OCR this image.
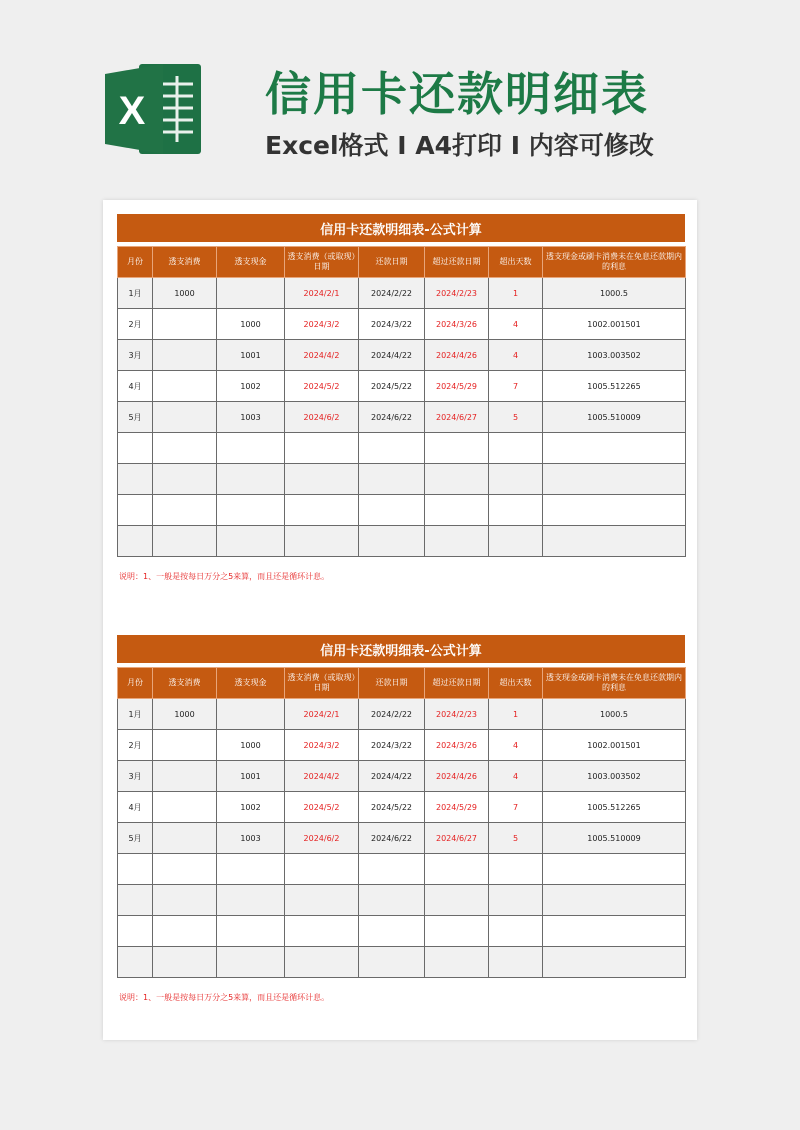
X	信用卡还款明细表
Excel格式 I A4打印 I 内容可修改
信用卡还款明细表-公式计算
月份	透支消费	透支现金	透支消费（或取现）日期	还款日期	超过还款日期	超出天数	透支现金或刷卡消费未在免息还款期内的利息
1月	1000		2024/2/1	2024/2/22	2024/2/23	1	1000.5
2月		1000	2024/3/2	2024/3/22	2024/3/26	4	1002.001501
3月		1001	2024/4/2	2024/4/22	2024/4/26	4	1003.003502
4月		1002	2024/5/2	2024/5/22	2024/5/29	7	1005.512265
5月		1003	2024/6/2	2024/6/22	2024/6/27	5	1005.510009

说明：1、一般是按每日万分之5来算，而且还是循环计息。
信用卡还款明细表-公式计算
月份	透支消费	透支现金	透支消费（或取现）日期	还款日期	超过还款日期	超出天数	透支现金或刷卡消费未在免息还款期内的利息
1月	1000		2024/2/1	2024/2/22	2024/2/23	1	1000.5
2月		1000	2024/3/2	2024/3/22	2024/3/26	4	1002.001501
3月		1001	2024/4/2	2024/4/22	2024/4/26	4	1003.003502
4月		1002	2024/5/2	2024/5/22	2024/5/29	7	1005.512265
5月		1003	2024/6/2	2024/6/22	2024/6/27	5	1005.510009

说明：1、一般是按每日万分之5来算，而且还是循环计息。
